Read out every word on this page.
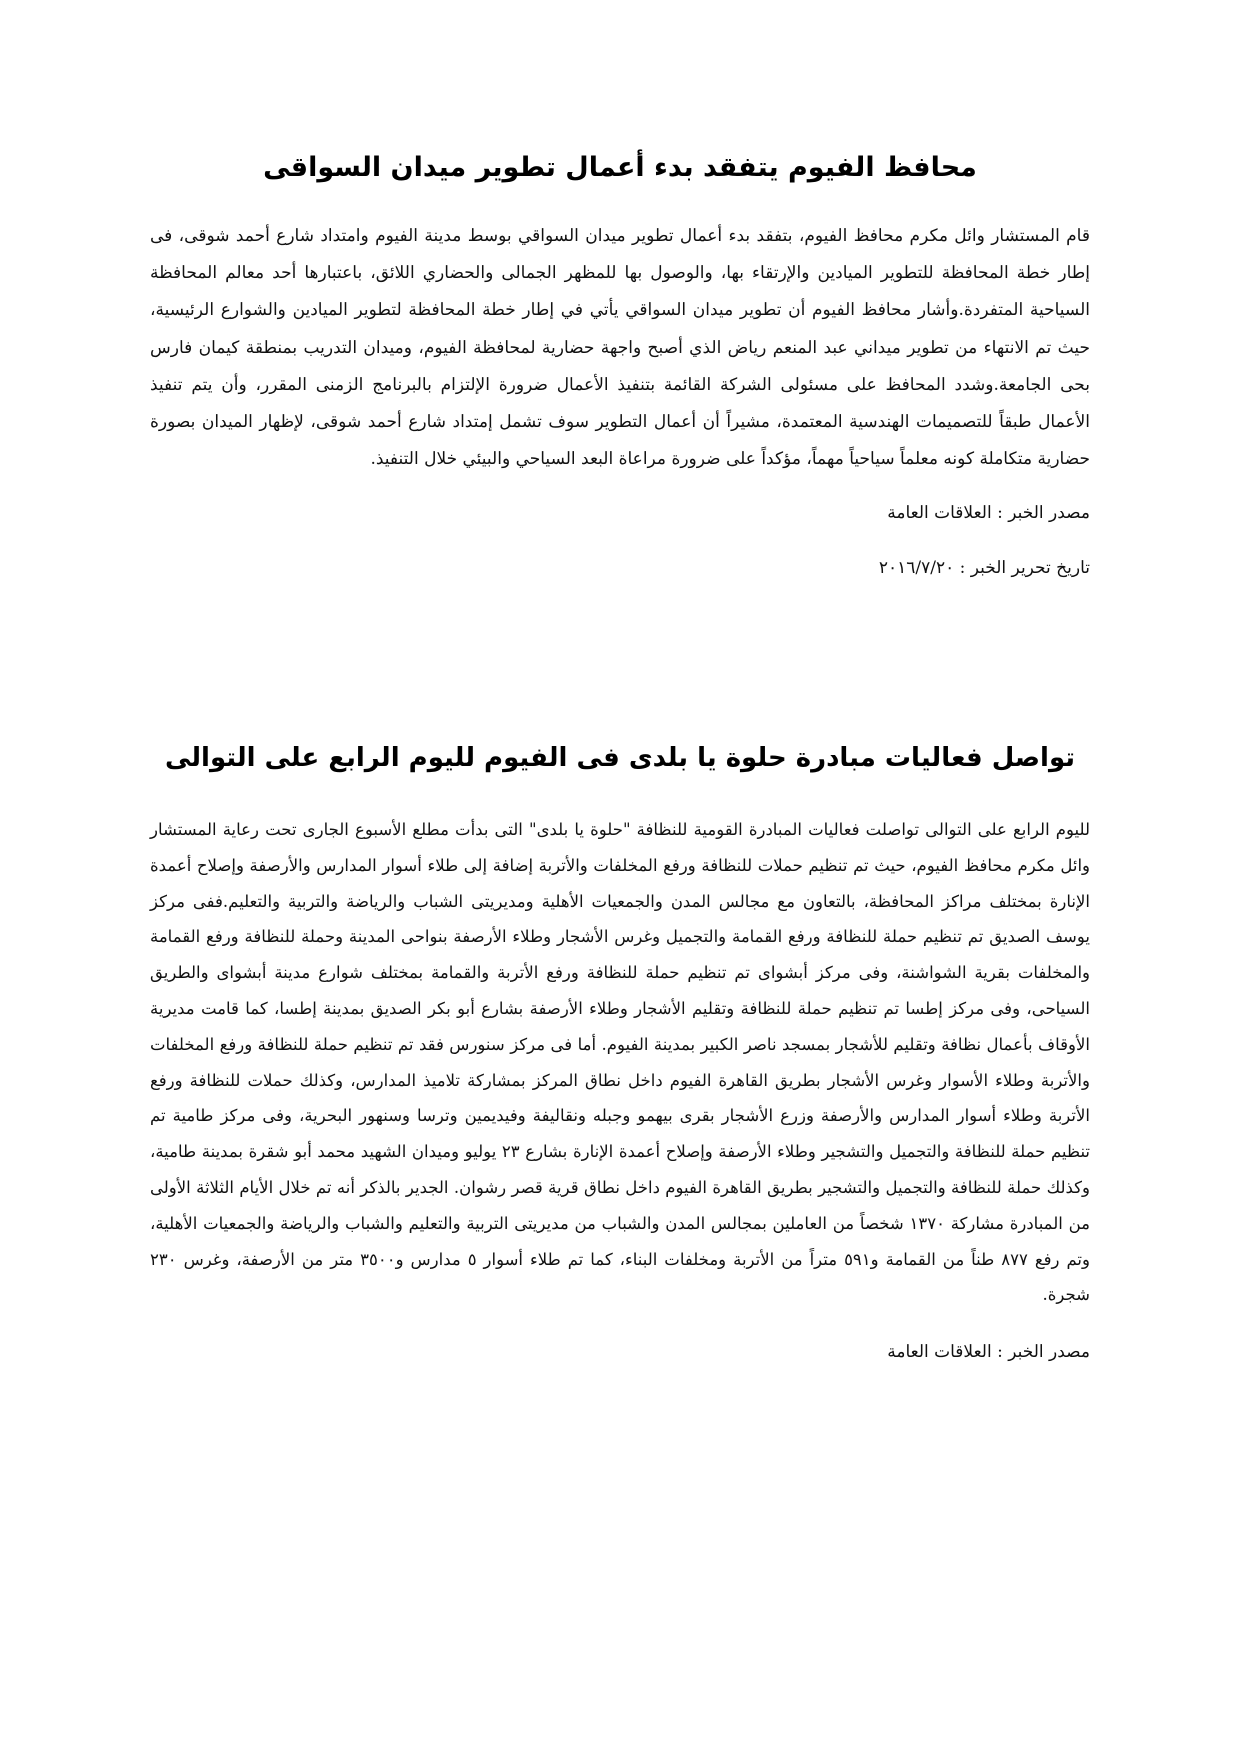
محافظ الفيوم يتفقد بدء أعمال تطوير ميدان السواقى

قام المستشار وائل مكرم محافظ الفيوم، بتفقد بدء أعمال تطوير ميدان السواقي بوسط مدينة الفيوم وامتداد شارع أحمد شوقى، فى إطار خطة المحافظة للتطوير الميادين والإرتقاء بها، والوصول بها للمظهر الجمالى والحضاري اللائق، باعتبارها أحد معالم المحافظة السياحية المتفردة.وأشار محافظ الفيوم أن تطوير ميدان السواقي يأتي في إطار خطة المحافظة لتطوير الميادين والشوارع الرئيسية، حيث تم الانتهاء من تطوير ميداني عبد المنعم رياض الذي أصبح واجهة حضارية لمحافظة الفيوم، وميدان التدريب بمنطقة كيمان فارس بحى الجامعة.وشدد المحافظ على مسئولى الشركة القائمة بتنفيذ الأعمال ضرورة الإلتزام بالبرنامج الزمنى المقرر، وأن يتم تنفيذ الأعمال طبقاً للتصميمات الهندسية المعتمدة، مشيراً أن أعمال التطوير سوف تشمل إمتداد شارع أحمد شوقى، لإظهار الميدان بصورة حضارية متكاملة كونه معلماً سياحياً مهماً، مؤكداً على ضرورة مراعاة البعد السياحي والبيئي خلال التنفيذ.

مصدر الخبر : العلاقات العامة

تاريخ تحرير الخبر : ٢٠١٦/٧/٢٠

تواصل فعاليات مبادرة حلوة يا بلدى فى الفيوم لليوم الرابع على التوالى

لليوم الرابع على التوالى تواصلت فعاليات المبادرة القومية للنظافة "حلوة يا بلدى" التى بدأت مطلع الأسبوع الجارى تحت رعاية المستشار وائل مكرم محافظ الفيوم، حيث تم تنظيم حملات للنظافة ورفع المخلفات والأتربة إضافة إلى طلاء أسوار المدارس والأرصفة وإصلاح أعمدة الإنارة بمختلف مراكز المحافظة، بالتعاون مع مجالس المدن والجمعيات الأهلية ومديريتى الشباب والرياضة والتربية والتعليم.ففى مركز يوسف الصديق تم تنظيم حملة للنظافة ورفع القمامة والتجميل وغرس الأشجار وطلاء الأرصفة بنواحى المدينة وحملة للنظافة ورفع القمامة والمخلفات بقرية الشواشنة، وفى مركز أبشواى تم تنظيم حملة للنظافة ورفع الأتربة والقمامة بمختلف شوارع مدينة أبشواى والطريق السياحى، وفى مركز إطسا تم تنظيم حملة للنظافة وتقليم الأشجار وطلاء الأرصفة بشارع أبو بكر الصديق بمدينة إطسا، كما قامت مديرية الأوقاف بأعمال نظافة وتقليم للأشجار بمسجد ناصر الكبير بمدينة الفيوم. أما فى مركز سنورس فقد تم تنظيم حملة للنظافة ورفع المخلفات والأتربة وطلاء الأسوار وغرس الأشجار بطريق القاهرة الفيوم داخل نطاق المركز بمشاركة تلاميذ المدارس، وكذلك حملات للنظافة ورفع الأتربة وطلاء أسوار المدارس والأرصفة وزرع الأشجار بقرى بيهمو وجبله ونقاليفة وفيديمين وترسا وسنهور البحرية، وفى مركز طامية تم تنظيم حملة للنظافة والتجميل والتشجير وطلاء الأرصفة وإصلاح أعمدة الإنارة بشارع ٢٣ يوليو وميدان الشهيد محمد أبو شقرة بمدينة طامية، وكذلك حملة للنظافة والتجميل والتشجير بطريق القاهرة الفيوم داخل نطاق قرية قصر رشوان. الجدير بالذكر أنه تم خلال الأيام الثلاثة الأولى من المبادرة مشاركة ١٣٧٠ شخصاً من العاملين بمجالس المدن والشباب من مديريتى التربية والتعليم والشباب والرياضة والجمعيات الأهلية، وتم رفع ٨٧٧ طناً من القمامة و٥٩١ متراً من الأتربة ومخلفات البناء، كما تم طلاء أسوار ٥ مدارس و٣٥٠٠ متر من الأرصفة، وغرس ٢٣٠ شجرة.

مصدر الخبر : العلاقات العامة
